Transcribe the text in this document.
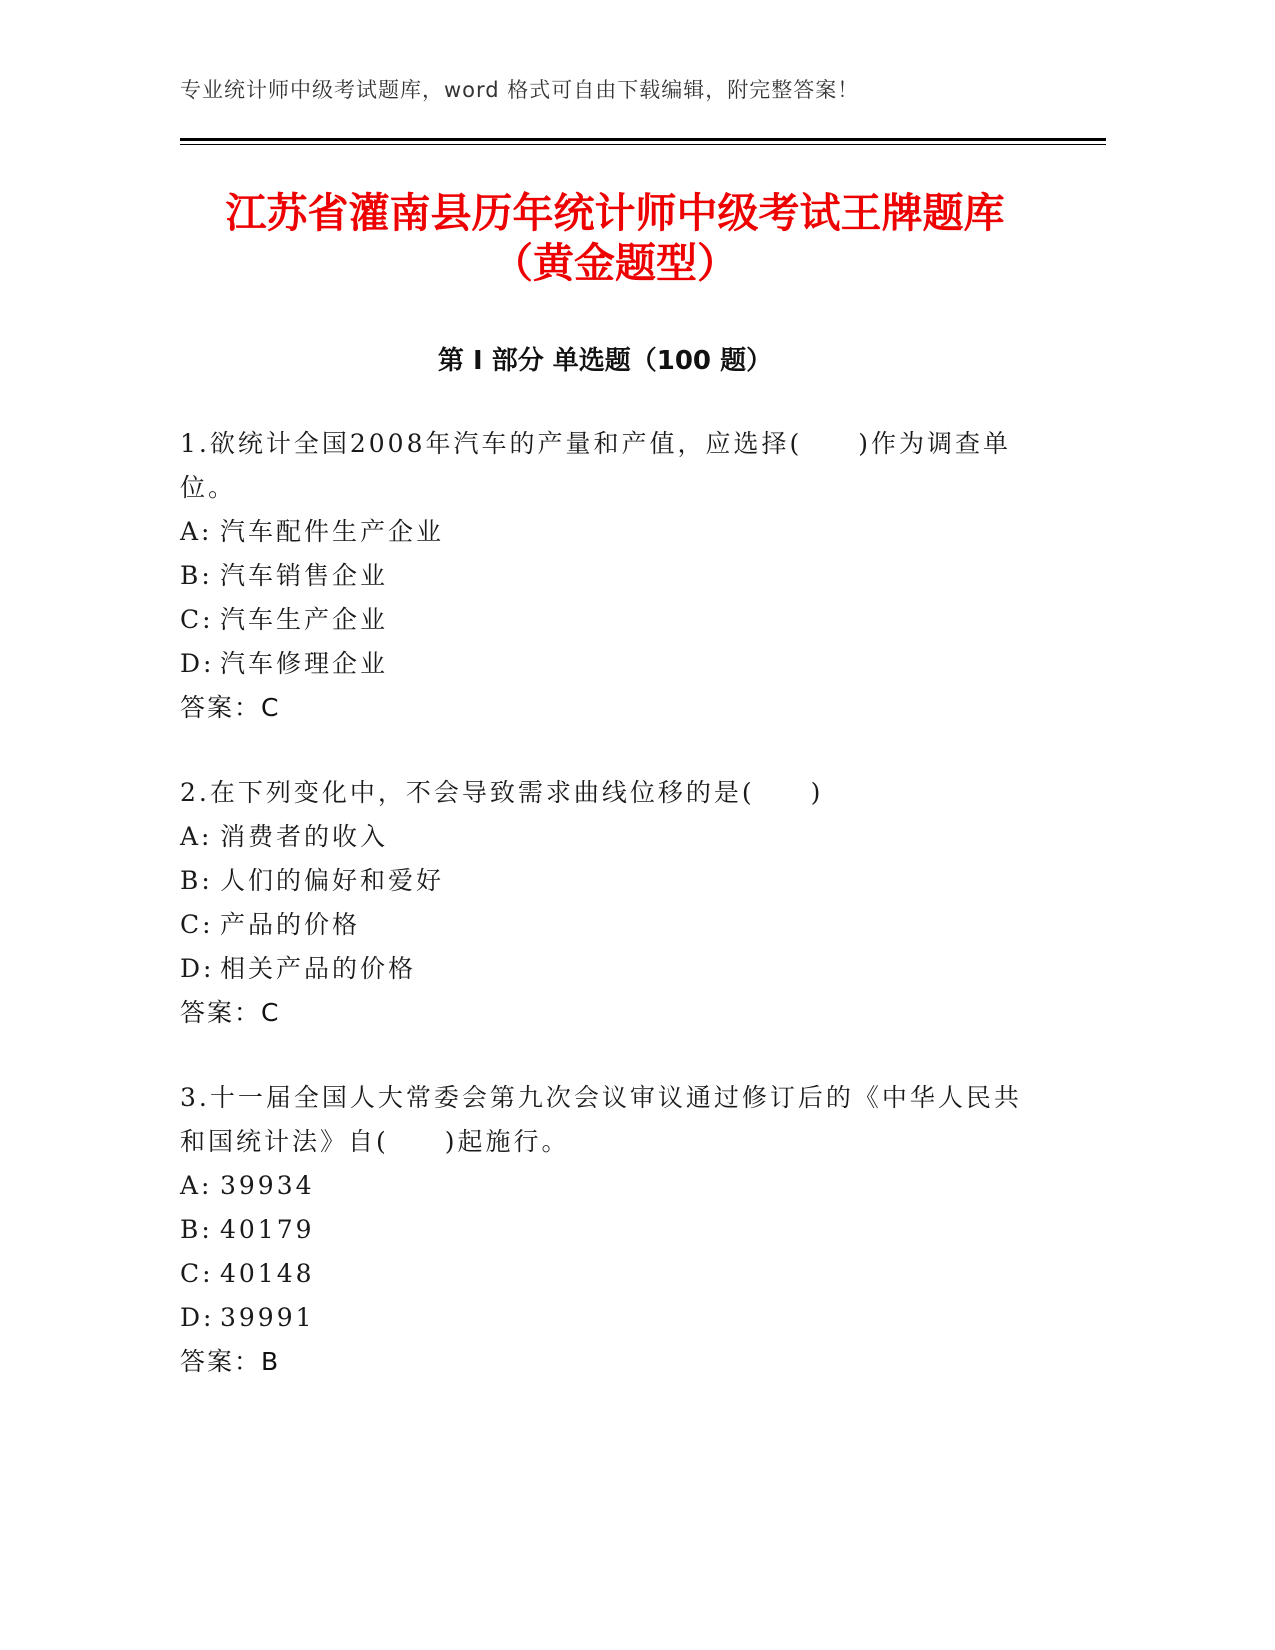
专业统计师中级考试题库，word 格式可自由下载编辑，附完整答案！
江苏省灌南县历年统计师中级考试王牌题库
（黄金题型）
第 I 部分 单选题（100 题）
1.欲统计全国2008年汽车的产量和产值，应选择(　　)作为调查单位。
A: 汽车配件生产企业
B: 汽车销售企业
C: 汽车生产企业
D: 汽车修理企业
答案：C
2.在下列变化中，不会导致需求曲线位移的是(　　)
A: 消费者的收入
B: 人们的偏好和爱好
C: 产品的价格
D: 相关产品的价格
答案：C
3.十一届全国人大常委会第九次会议审议通过修订后的《中华人民共和国统计法》自(　　)起施行。
A: 39934
B: 40179
C: 40148
D: 39991
答案：B
